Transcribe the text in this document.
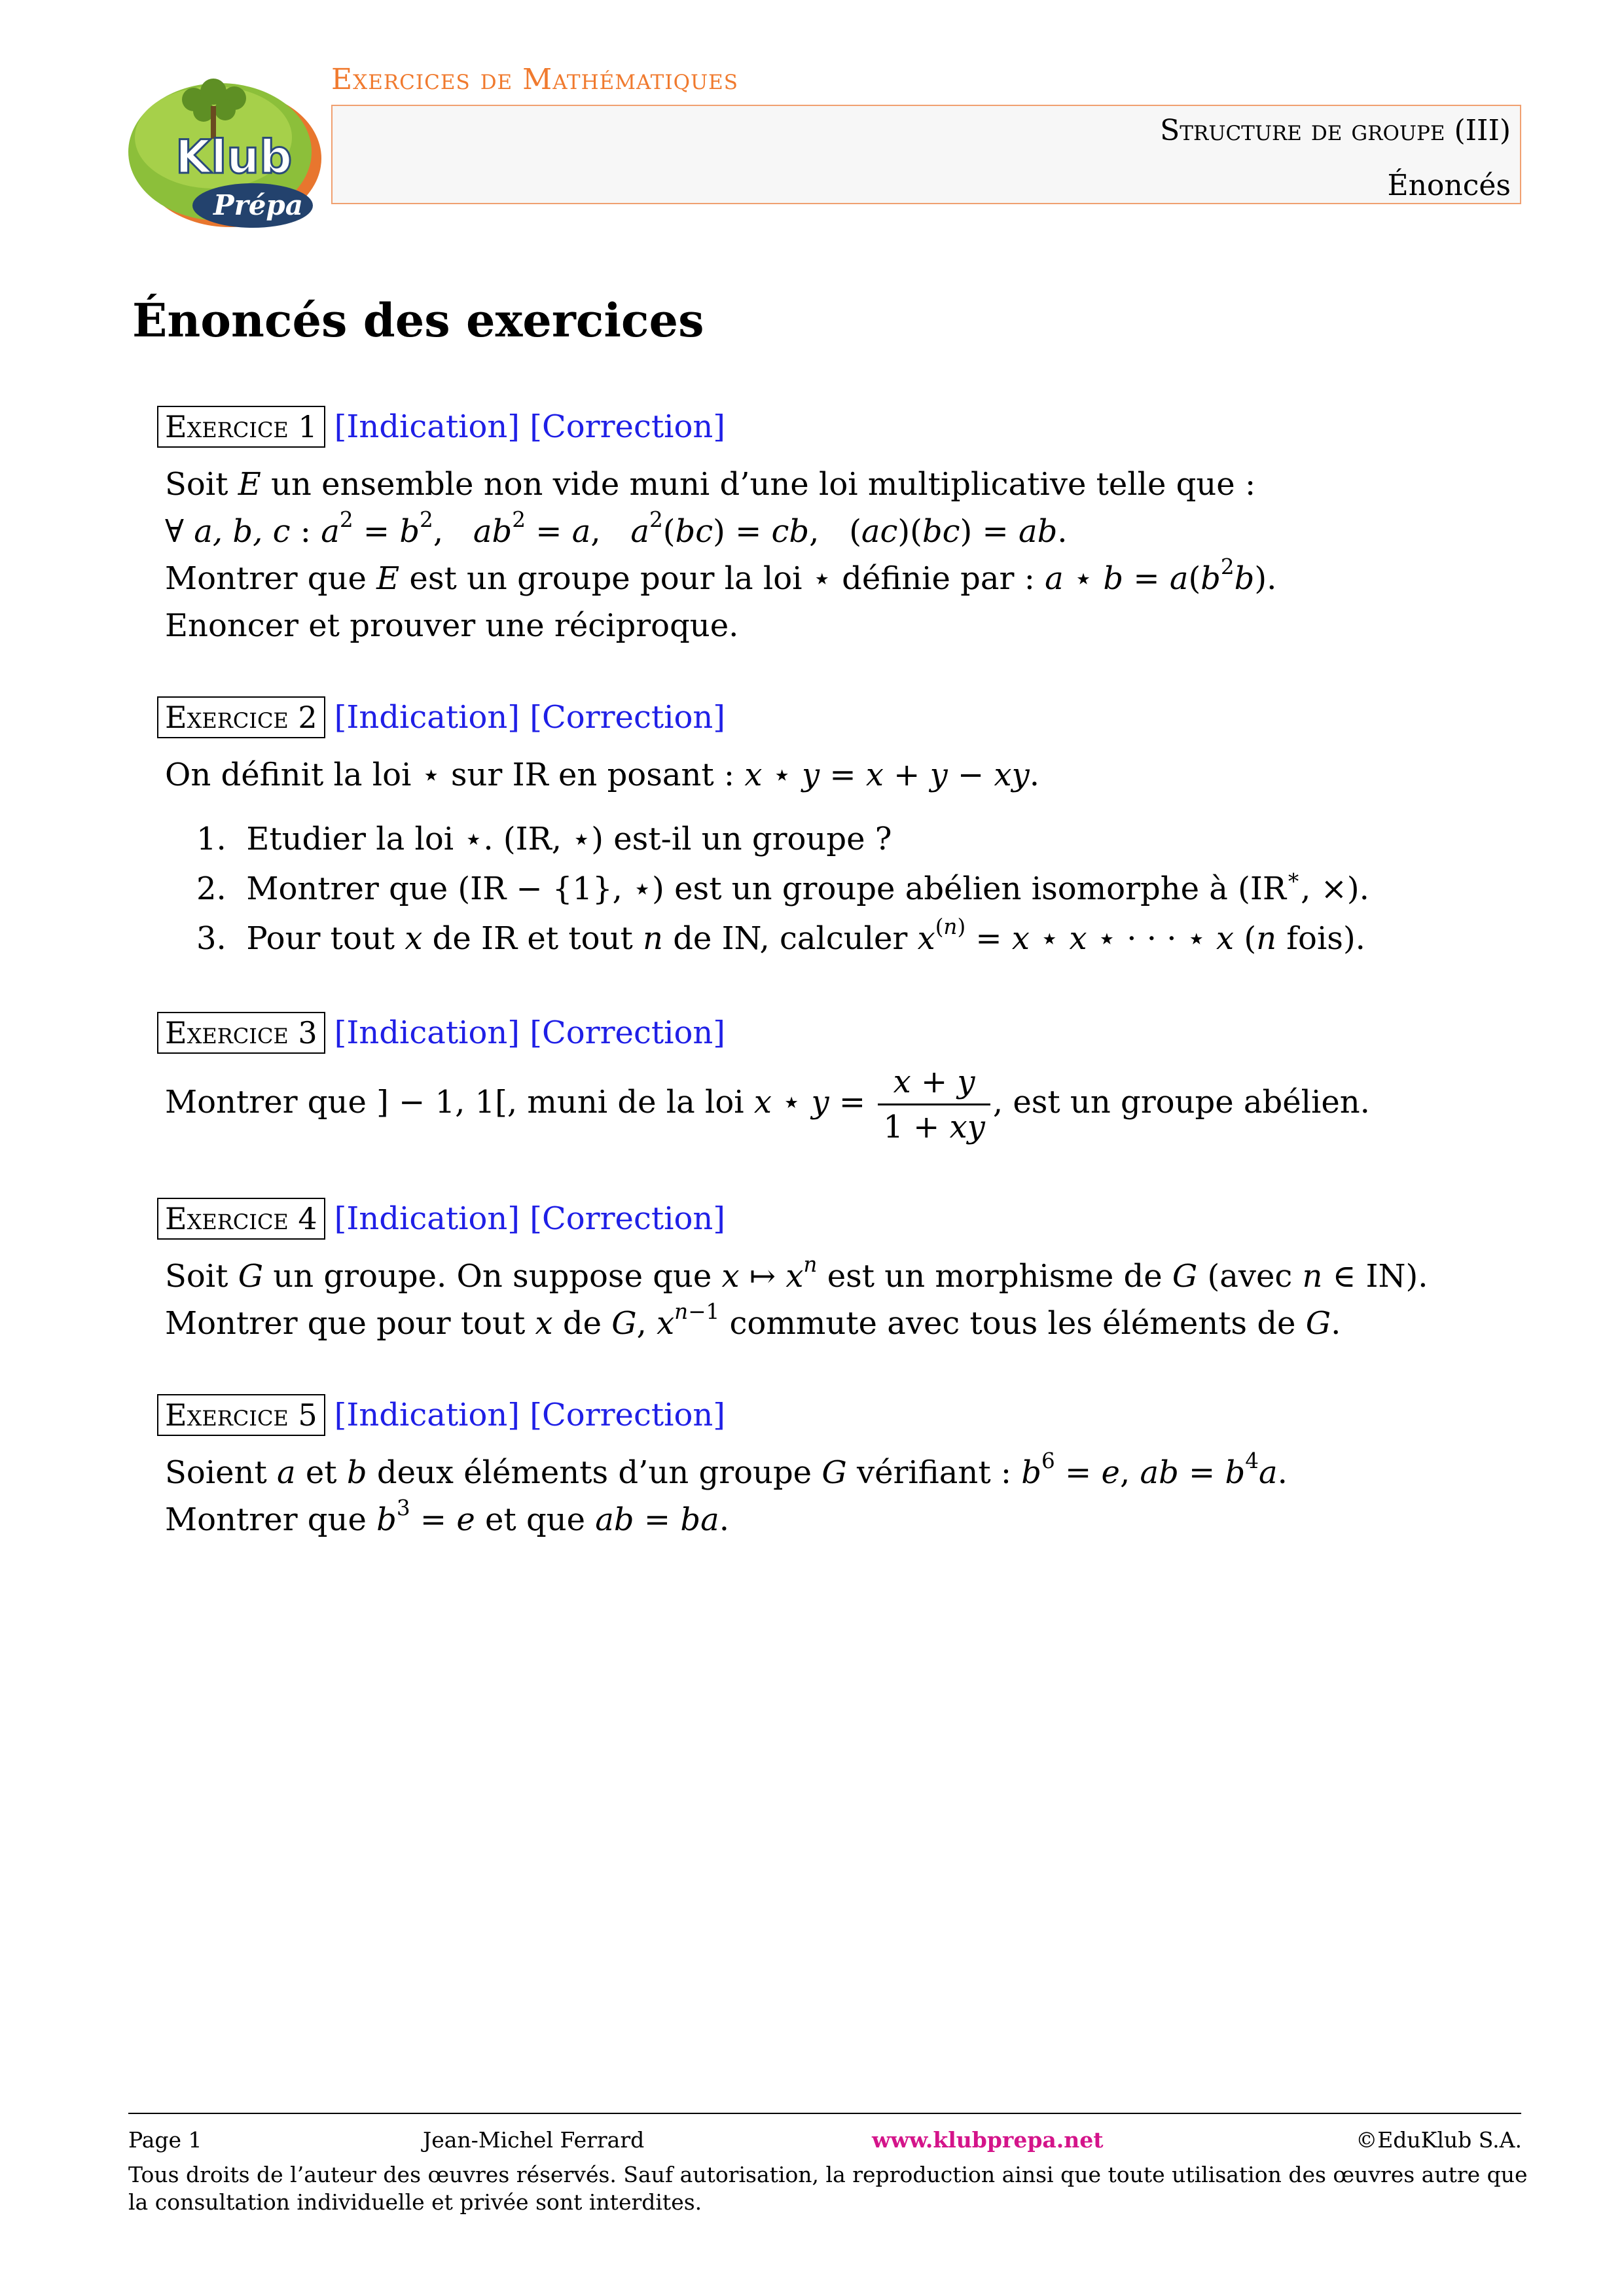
Klub
Prépa
Exercices de Mathématiques
Structure de groupe (III)
Énoncés
Énoncés des exercices
Exercice 1 [Indication] [Correction]
Soit E un ensemble non vide muni d’une loi multiplicative telle que :
∀ a, b, c : $a^2 = b^2$,   $ab^2 = a$,   $a^2(bc)$ = cb,   (ac)(bc) = ab.
Montrer que E est un groupe pour la loi ⋆ définie par : a ⋆ $b = a(b^2b)$.
Enoncer et prouver une réciproque.
Exercice 2 [Indication] [Correction]
On définit la loi ⋆ sur IR en posant : x ⋆ y = x + y − xy.
1.  Etudier la loi ⋆. (IR, ⋆) est-il un groupe ?
2.  Montrer que (IR − {1}, ⋆) est un groupe abélien isomorphe à (IR∗, ×).
3.  Pour tout x de IR et tout n de IN, calculer $x^{(n)} = x$ ⋆ x ⋆ · · · ⋆ x (n fois).
Exercice 3 [Indication] [Correction]
Montrer que ] − 1, 1[, muni de la loi x ⋆ $y = \frac{x + y}{1 + xy}$ , est un groupe abélien.
Exercice 4 [Indication] [Correction]
Soit G un groupe. On suppose que x ↦ $x^n$ est un morphisme de G (avec n ∈ IN).
Montrer que pour tout x de G, $x^{n-1}$ commute avec tous les éléments de G.
Exercice 5 [Indication] [Correction]
Soient a et b deux éléments d’un groupe G vérifiant : $b^6 = e$, ab = $b^4a$.
Montrer que $b^3 = e$ et que ab = ba.
Page 1	Jean-Michel Ferrard	www.klubprepa.net	©EduKlub S.A.
Tous droits de l’auteur des œuvres réservés. Sauf autorisation, la reproduction ainsi que toute utilisation des œuvres autre que la consultation individuelle et privée sont interdites.
